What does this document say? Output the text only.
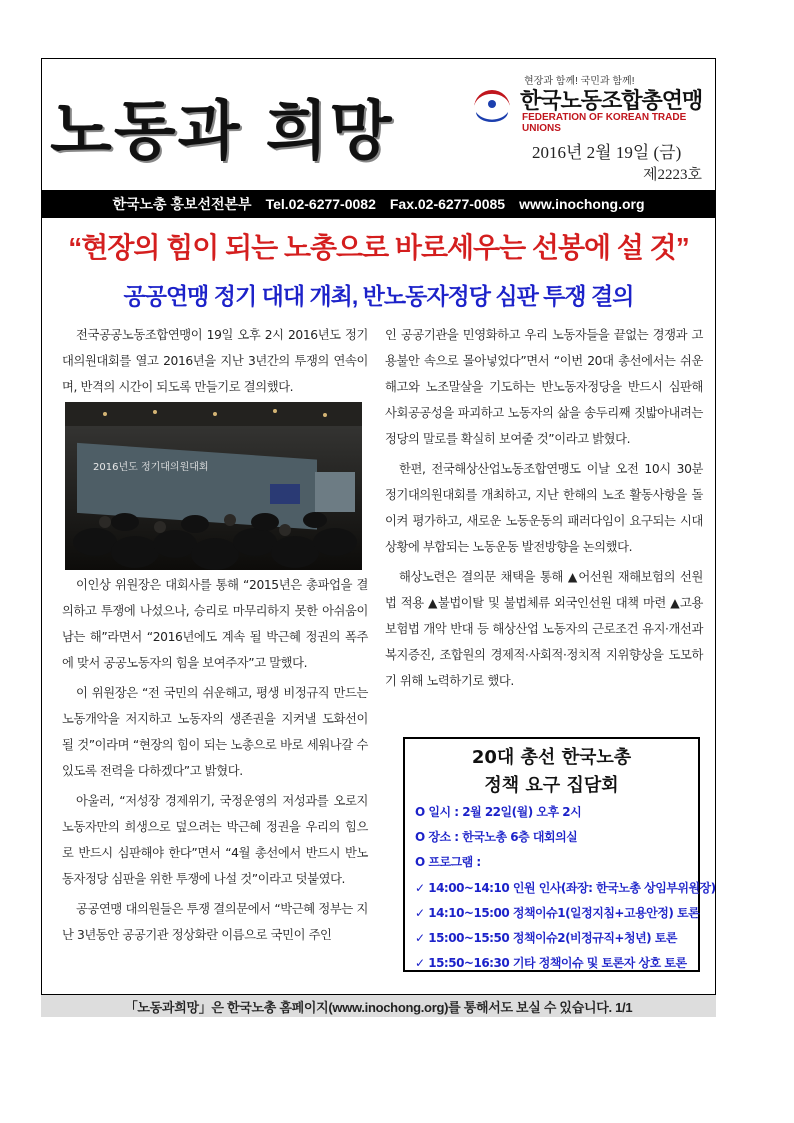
노동과 희망
현장과 함께! 국민과 함께!
한국노동조합총연맹
FEDERATION OF KOREAN TRADE UNIONS
2016년 2월 19일 (금)
제2223호
한국노총 홍보선전본부 Tel.02-6277-0082 Fax.02-6277-0085 www.inochong.org
“현장의 힘이 되는 노총으로 바로세우는 선봉에 설 것”
공공연맹 정기 대대 개최, 반노동자정당 심판 투쟁 결의

전국공공노동조합연맹이 19일 오후 2시 2016년도 정기대의원대회를 열고 2016년을 지난 3년간의 투쟁의 연속이며, 반격의 시간이 되도록 만들기로 결의했다.

2016년도 정기대의원대회

이인상 위원장은 대회사를 통해 “2015년은 총파업을 결의하고 투쟁에 나섰으나, 승리로 마무리하지 못한 아쉬움이 남는 해”라면서 “2016년에도 계속 될 박근혜 정권의 폭주에 맞서 공공노동자의 힘을 보여주자”고 말했다.

이 위원장은 “전 국민의 쉬운해고, 평생 비정규직 만드는 노동개악을 저지하고 노동자의 생존권을 지켜낼 도화선이 될 것”이라며 “현장의 힘이 되는 노총으로 바로 세워나갈 수 있도록 전력을 다하겠다”고 밝혔다.

아울러, “저성장 경제위기, 국정운영의 저성과를 오로지 노동자만의 희생으로 덮으려는 박근혜 정권을 우리의 힘으로 반드시 심판해야 한다”면서 “4월 총선에서 반드시 반노동자정당 심판을 위한 투쟁에 나설 것”이라고 덧붙였다.

공공연맹 대의원들은 투쟁 결의문에서 “박근혜 정부는 지난 3년동안 공공기관 정상화란 이름으로 국민이 주인

인 공공기관을 민영화하고 우리 노동자들을 끝없는 경쟁과 고용불안 속으로 몰아넣었다”면서 “이번 20대 총선에서는 쉬운해고와 노조말살을 기도하는 반노동자정당을 반드시 심판해 사회공공성을 파괴하고 노동자의 삶을 송두리째 짓밟아내려는 정당의 말로를 확실히 보여줄 것”이라고 밝혔다.

한편, 전국해상산업노동조합연맹도 이날 오전 10시 30분 정기대의원대회를 개최하고, 지난 한해의 노조 활동사항을 돌이켜 평가하고, 새로운 노동운동의 패러다임이 요구되는 시대 상황에 부합되는 노동운동 발전방향을 논의했다.

해상노련은 결의문 채택을 통해 ▲어선원 재해보험의 선원법 적용 ▲불법이탈 및 불법체류 외국인선원 대책 마련 ▲고용보험법 개악 반대 등 해상산업 노동자의 근로조건 유지·개선과 복지증진, 조합원의 경제적·사회적·정치적 지위향상을 도모하기 위해 노력하기로 했다.

20대 총선 한국노총
정책 요구 집담회
O 일시 : 2월 22일(월) 오후 2시
O 장소 : 한국노총 6층 대회의실
O 프로그램 :
✓ 14:00~14:10 인원 인사(좌장: 한국노총 상임부위원장)
✓ 14:10~15:00 정책이슈1(일정지침+고용안정) 토론
✓ 15:00~15:50 정책이슈2(비정규직+청년) 토론
✓ 15:50~16:30 기타 정책이슈 및 토론자 상호 토론
「노동과희망」은 한국노총 홈페이지(www.inochong.org)를 통해서도 보실 수 있습니다. 1/1
